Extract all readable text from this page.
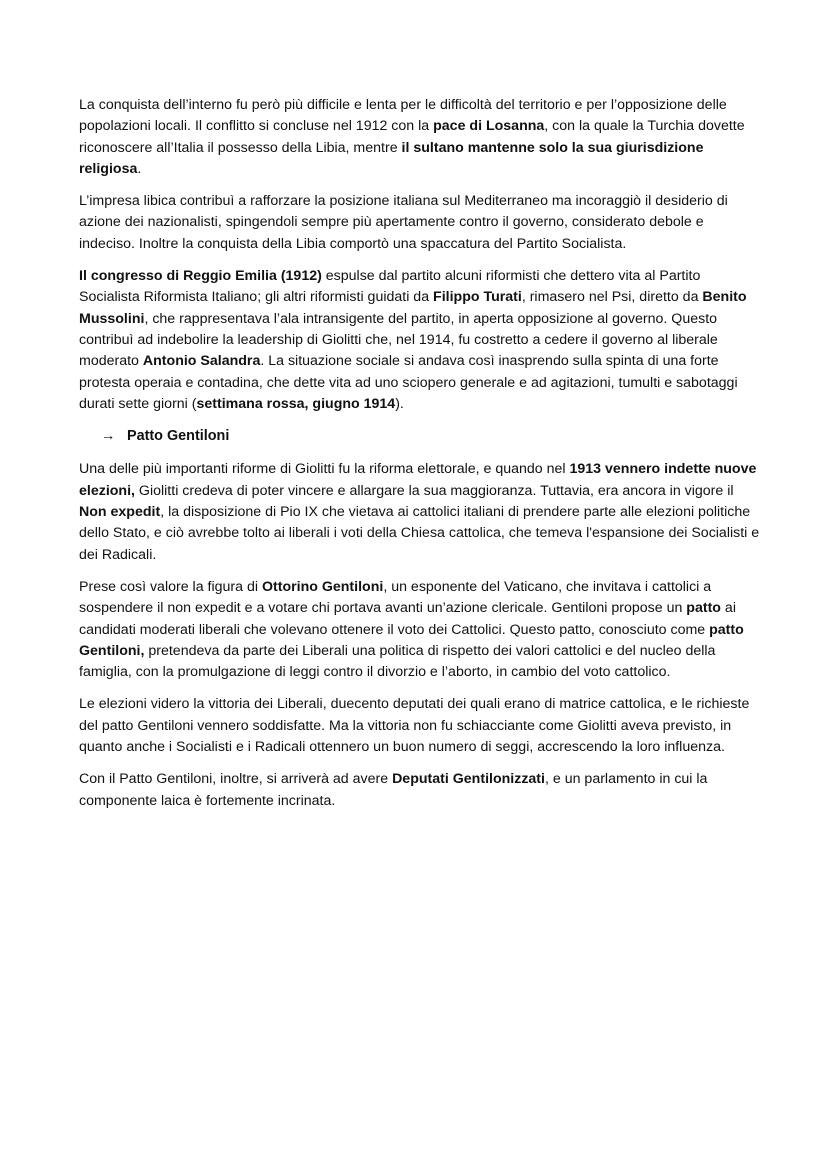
La conquista dell’interno fu però più difficile e lenta per le difficoltà del territorio e per l’opposizione delle popolazioni locali. Il conflitto si concluse nel 1912 con la pace di Losanna, con la quale la Turchia dovette riconoscere all’Italia il possesso della Libia, mentre il sultano mantenne solo la sua giurisdizione religiosa.

L’impresa libica contribuì a rafforzare la posizione italiana sul Mediterraneo ma incoraggiò il desiderio di azione dei nazionalisti, spingendoli sempre più apertamente contro il governo, considerato debole e indeciso. Inoltre la conquista della Libia comportò una spaccatura del Partito Socialista.

Il congresso di Reggio Emilia (1912) espulse dal partito alcuni riformisti che dettero vita al Partito Socialista Riformista Italiano; gli altri riformisti guidati da Filippo Turati, rimasero nel Psi, diretto da Benito Mussolini, che rappresentava l’ala intransigente del partito, in aperta opposizione al governo. Questo contribuì ad indebolire la leadership di Giolitti che, nel 1914, fu costretto a cedere il governo al liberale moderato Antonio Salandra. La situazione sociale si andava così inasprendo sulla spinta di una forte protesta operaia e contadina, che dette vita ad uno sciopero generale e ad agitazioni, tumulti e sabotaggi durati sette giorni (settimana rossa, giugno 1914).

→ Patto Gentiloni

Una delle più importanti riforme di Giolitti fu la riforma elettorale, e quando nel 1913 vennero indette nuove elezioni, Giolitti credeva di poter vincere e allargare la sua maggioranza. Tuttavia, era ancora in vigore il Non expedit, la disposizione di Pio IX che vietava ai cattolici italiani di prendere parte alle elezioni politiche dello Stato, e ciò avrebbe tolto ai liberali i voti della Chiesa cattolica, che temeva l'espansione dei Socialisti e dei Radicali.

Prese così valore la figura di Ottorino Gentiloni, un esponente del Vaticano, che invitava i cattolici a sospendere il non expedit e a votare chi portava avanti un’azione clericale. Gentiloni propose un patto ai candidati moderati liberali che volevano ottenere il voto dei Cattolici. Questo patto, conosciuto come patto Gentiloni, pretendeva da parte dei Liberali una politica di rispetto dei valori cattolici e del nucleo della famiglia, con la promulgazione di leggi contro il divorzio e l’aborto, in cambio del voto cattolico.

Le elezioni videro la vittoria dei Liberali, duecento deputati dei quali erano di matrice cattolica, e le richieste del patto Gentiloni vennero soddisfatte. Ma la vittoria non fu schiacciante come Giolitti aveva previsto, in quanto anche i Socialisti e i Radicali ottennero un buon numero di seggi, accrescendo la loro influenza.

Con il Patto Gentiloni, inoltre, si arriverà ad avere Deputati Gentilonizzati, e un parlamento in cui la componente laica è fortemente incrinata.
